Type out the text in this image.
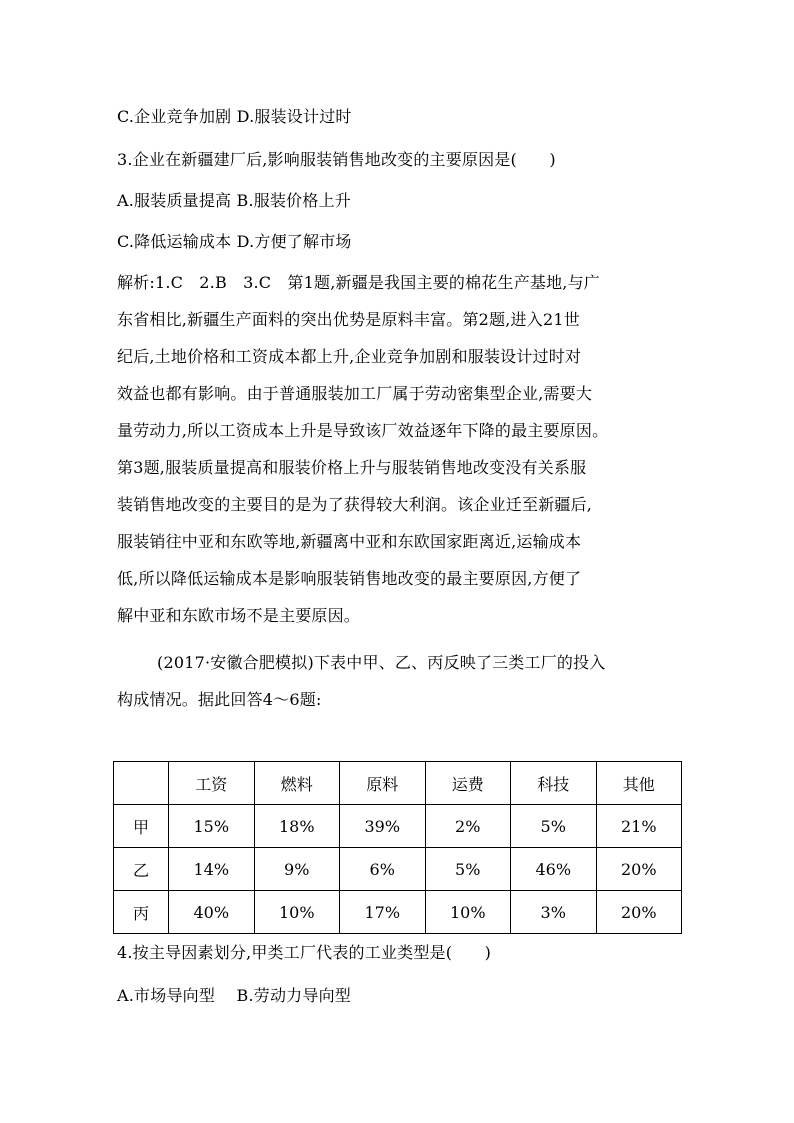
C.企业竞争加剧 D.服装设计过时
3.企业在新疆建厂后,影响服装销售地改变的主要原因是(　　)
A.服装质量提高 B.服装价格上升
C.降低运输成本 D.方便了解市场
解析:1.C　2.B　3.C　第1题,新疆是我国主要的棉花生产基地,与广
东省相比,新疆生产面料的突出优势是原料丰富。第2题,进入21世
纪后,土地价格和工资成本都上升,企业竞争加剧和服装设计过时对
效益也都有影响。由于普通服装加工厂属于劳动密集型企业,需要大
量劳动力,所以工资成本上升是导致该厂效益逐年下降的最主要原因。
第3题,服装质量提高和服装价格上升与服装销售地改变没有关系服
装销售地改变的主要目的是为了获得较大利润。该企业迁至新疆后,
服装销往中亚和东欧等地,新疆离中亚和东欧国家距离近,运输成本
低,所以降低运输成本是影响服装销售地改变的最主要原因,方便了
解中亚和东欧市场不是主要原因。
(2017·安徽合肥模拟)下表中甲、乙、丙反映了三类工厂的投入
构成情况。据此回答4～6题:
	工资	燃料	原料	运费	科技	其他
甲	15%	18%	39%	2%	5%	21%
乙	14%	9%	6%	5%	46%	20%
丙	40%	10%	17%	10%	3%	20%
4.按主导因素划分,甲类工厂代表的工业类型是(　　)
A.市场导向型　 B.劳动力导向型
